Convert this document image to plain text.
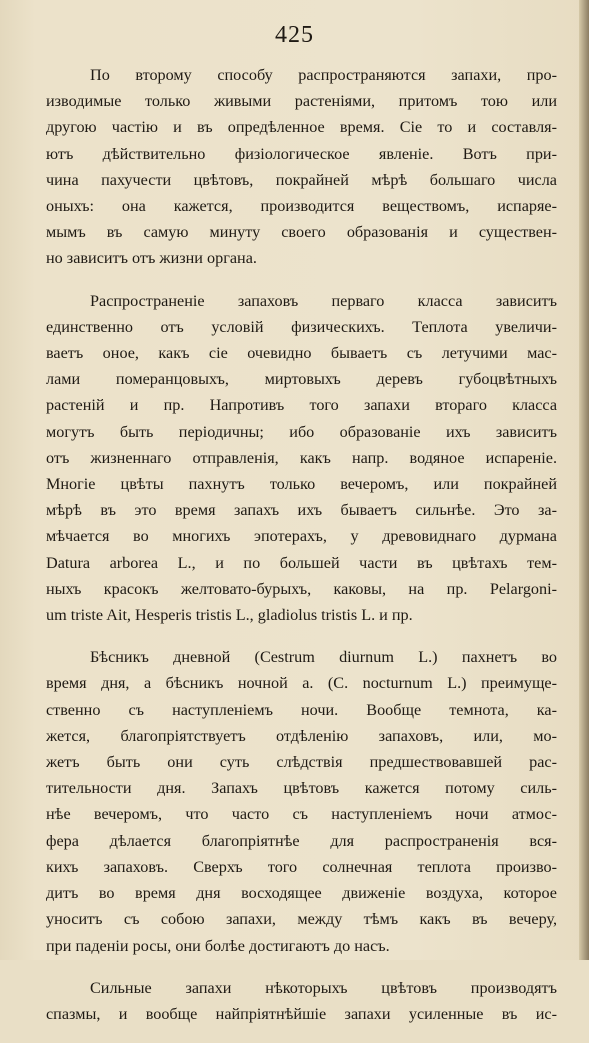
425
По второму способу распространяются запахи, про-
изводимые только живыми растеніями, притомъ тою или
другою частію и въ опредѣленное время. Сіе то и составля-
ютъ дѣйствительно физіологическое явленіе. Вотъ при-
чина пахучести цвѣтовъ, покрайней мѣрѣ большаго числа
оныхъ: она кажется, производится веществомъ, испаряе-
мымъ въ самую минуту своего образованія и существен-
но зависитъ отъ жизни органа.
Распространеніе запаховъ перваго класса зависитъ
единственно отъ условій физическихъ. Теплота увеличи-
ваетъ оное, какъ сіе очевидно бываетъ съ летучими мас-
лами померанцовыхъ, миртовыхъ деревъ губоцвѣтныхъ
растеній и пр. Напротивъ того запахи втораго класса
могутъ быть періодичны; ибо образованіе ихъ зависитъ
отъ жизненнаго отправленія, какъ напр. водяное испареніе.
Многіе цвѣты пахнутъ только вечеромъ, или покрайней
мѣрѣ въ это время запахъ ихъ бываетъ сильнѣе. Это за-
мѣчается во многихъ эпотерахъ, у древовиднаго дурмана
Datura arborea L., и по большей части въ цвѣтахъ тем-
ныхъ красокъ желтовато-бурыхъ, каковы, на пр. Pelargoni-
um triste Ait, Hesperis tristis L., gladiolus tristis L. и пр.
Бѣсникъ дневной (Cestrum diurnum L.) пахнетъ во
время дня, а бѣсникъ ночной а. (C. nocturnum L.) преимуще-
ственно съ наступленіемъ ночи. Вообще темнота, ка-
жется, благопріятствуетъ отдѣленію запаховъ, или, мо-
жетъ быть они суть слѣдствія предшествовавшей рас-
тительности дня. Запахъ цвѣтовъ кажется потому силь-
нѣе вечеромъ, что часто съ наступленіемъ ночи атмос-
фера дѣлается благопріятнѣе для распространенія вся-
кихъ запаховъ. Сверхъ того солнечная теплота произво-
дитъ во время дня восходящее движеніе воздуха, которое
уноситъ съ собою запахи, между тѣмъ какъ въ вечеру,
при паденіи росы, они болѣе достигаютъ до насъ.
Сильные запахи нѣкоторыхъ цвѣтовъ производятъ
спазмы, и вообще найпріятнѣйшіе запахи усиленные въ ис-
